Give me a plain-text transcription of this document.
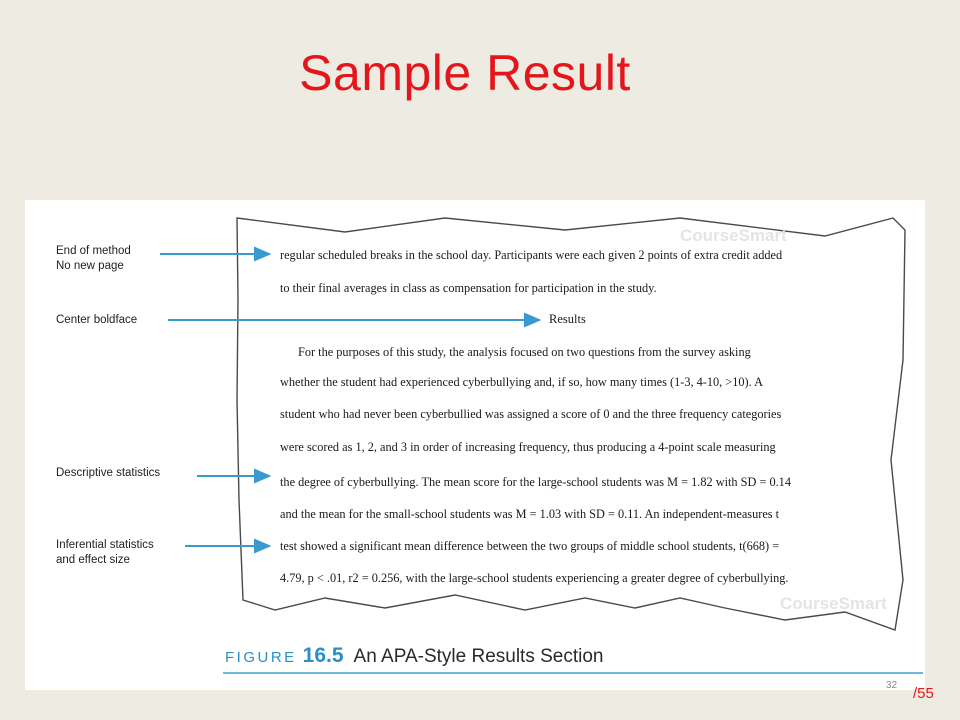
Sample Result
CourseSmart
CourseSmart
End of method
No new page
Center boldface
Descriptive statistics
Inferential statistics
and effect size
regular scheduled breaks in the school day. Participants were each given 2 points of extra credit added
to their final averages in class as compensation for participation in the study.
Results
For the purposes of this study, the analysis focused on two questions from the survey asking
whether the student had experienced cyberbullying and, if so, how many times (1-3, 4-10, >10). A
student who had never been cyberbullied was assigned a score of 0 and the three frequency categories
were scored as 1, 2, and 3 in order of increasing frequency, thus producing a 4-point scale measuring
the degree of cyberbullying. The mean score for the large-school students was M = 1.82 with SD = 0.14
and the mean for the small-school students was M = 1.03 with SD = 0.11. An independent-measures t
test showed a significant mean difference between the two groups of middle school students, t(668) =
4.79, p < .01, r2 = 0.256, with the large-school students experiencing a greater degree of cyberbullying.
FIGURE 16.5 An APA-Style Results Section
32 /55
